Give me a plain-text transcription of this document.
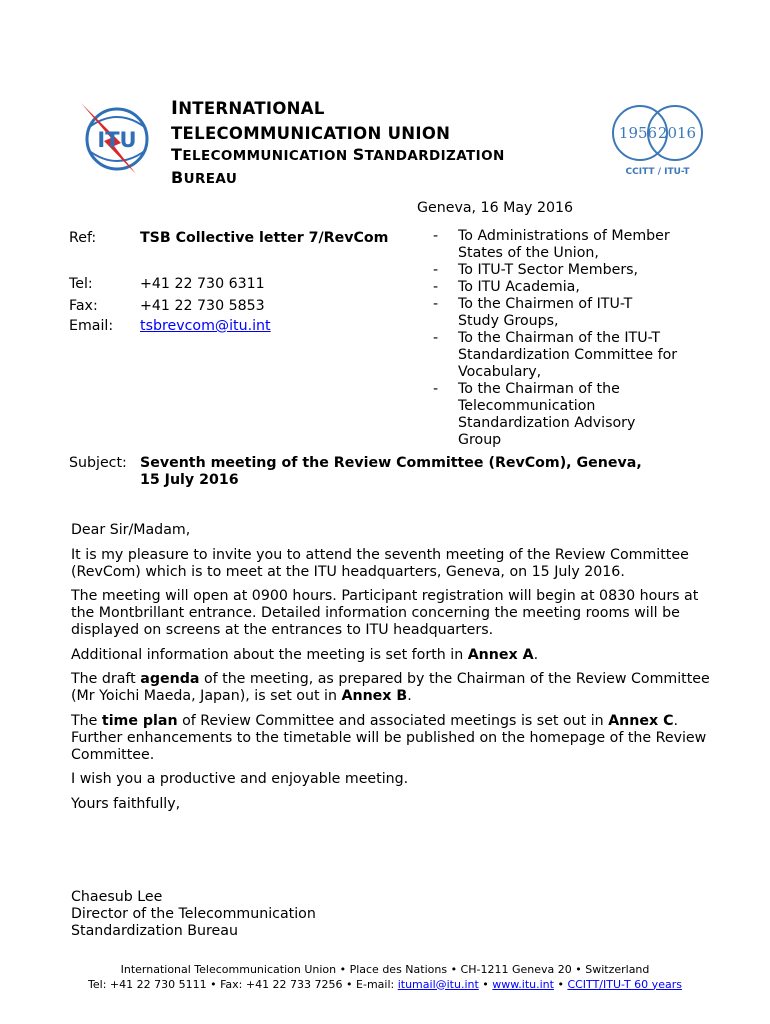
ITU
INTERNATIONAL
TELECOMMUNICATION UNION
TELECOMMUNICATION STANDARDIZATION
BUREAU
1956 2016
CCITT / ITU-T
Geneva, 16 May 2016
Ref:	TSB Collective letter 7/RevCom
Tel:	+41 22 730 6311
Fax:	+41 22 730 5853
Email: tsbrevcom@itu.int
-	To Administrations of Member
States of the Union,
-	To ITU-T Sector Members,
-	To ITU Academia,
-	To the Chairmen of ITU-T
Study Groups,
-	To the Chairman of the ITU-T
Standardization Committee for
Vocabulary,
-	To the Chairman of the
Telecommunication
Standardization Advisory
Group
Subject: Seventh meeting of the Review Committee (RevCom), Geneva,
15 July 2016

Dear Sir/Madam,

It is my pleasure to invite you to attend the seventh meeting of the Review Committee (RevCom) which is to meet at the ITU headquarters, Geneva, on 15 July 2016.

The meeting will open at 0900 hours. Participant registration will begin at 0830 hours at the Montbrillant entrance. Detailed information concerning the meeting rooms will be displayed on screens at the entrances to ITU headquarters.

Additional information about the meeting is set forth in Annex A.

The draft agenda of the meeting, as prepared by the Chairman of the Review Committee (Mr Yoichi Maeda, Japan), is set out in Annex B.

The time plan of Review Committee and associated meetings is set out in Annex C. Further enhancements to the timetable will be published on the homepage of the Review Committee.

I wish you a productive and enjoyable meeting.

Yours faithfully,

Chaesub Lee
Director of the Telecommunication
Standardization Bureau
International Telecommunication Union • Place des Nations • CH-1211 Geneva 20 • Switzerland
Tel: +41 22 730 5111 • Fax: +41 22 733 7256 • E-mail: itumail@itu.int • www.itu.int • CCITT/ITU-T 60 years
